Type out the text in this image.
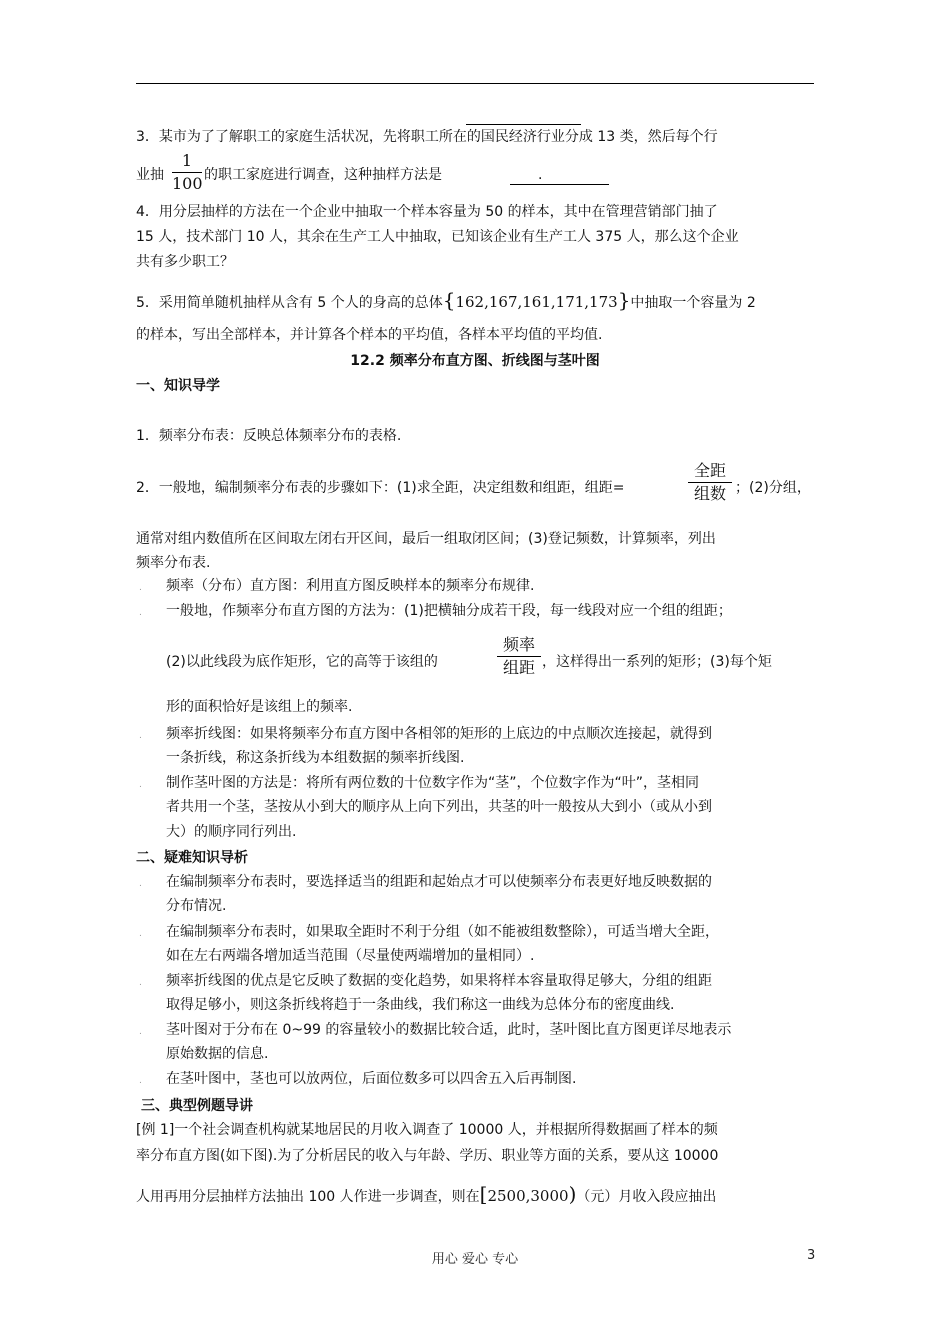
3．某市为了了解职工的家庭生活状况，先将职工所在的国民经济行业分成 13 类，然后每个行
业抽
1
100 的职工家庭进行调查，这种抽样方法是	.
4．用分层抽样的方法在一个企业中抽取一个样本容量为 50 的样本，其中在管理营销部门抽了
15 人，技术部门 10 人，其余在生产工人中抽取，已知该企业有生产工人 375 人，那么这个企业
共有多少职工？
5．采用简单随机抽样从含有 5 个人的身高的总体{162,167,161,171,173}中抽取一个容量为 2
的样本，写出全部样本，并计算各个样本的平均值，各样本平均值的平均值.
12.2 频率分布直方图、折线图与茎叶图
一、知识导学
1．频率分布表：反映总体频率分布的表格.
2．一般地，编制频率分布表的步骤如下：(1)求全距，决定组数和组距，组距=
全距
组数 ；(2)分组，
通常对组内数值所在区间取左闭右开区间，最后一组取闭区间；(3)登记频数，计算频率，列出
频率分布表.
. 频率（分布）直方图：利用直方图反映样本的频率分布规律.
. 一般地，作频率分布直方图的方法为：(1)把横轴分成若干段，每一线段对应一个组的组距；
(2)以此线段为底作矩形，它的高等于该组的
频率
组距 ，这样得出一系列的矩形；(3)每个矩
形的面积恰好是该组上的频率.
. 频率折线图：如果将频率分布直方图中各相邻的矩形的上底边的中点顺次连接起，就得到
一条折线，称这条折线为本组数据的频率折线图.
. 制作茎叶图的方法是：将所有两位数的十位数字作为“茎”，个位数字作为“叶”，茎相同
者共用一个茎，茎按从小到大的顺序从上向下列出，共茎的叶一般按从大到小（或从小到
大）的顺序同行列出.
二、疑难知识导析
. 在编制频率分布表时，要选择适当的组距和起始点才可以使频率分布表更好地反映数据的
分布情况.
. 在编制频率分布表时，如果取全距时不利于分组（如不能被组数整除），可适当增大全距，
如在左右两端各增加适当范围（尽量使两端增加的量相同）.
. 频率折线图的优点是它反映了数据的变化趋势，如果将样本容量取得足够大，分组的组距
取得足够小，则这条折线将趋于一条曲线，我们称这一曲线为总体分布的密度曲线.
. 茎叶图对于分布在 0~99 的容量较小的数据比较合适，此时，茎叶图比直方图更详尽地表示
原始数据的信息.
. 在茎叶图中，茎也可以放两位，后面位数多可以四舍五入后再制图.
三、典型例题导讲
[例 1]一个社会调查机构就某地居民的月收入调查了 10000 人，并根据所得数据画了样本的频
率分布直方图(如下图).为了分析居民的收入与年龄、学历、职业等方面的关系，要从这 10000
人用再用分层抽样方法抽出 100 人作进一步调查，则在[2500,3000)（元）月收入段应抽出
用心 爱心 专心	3
